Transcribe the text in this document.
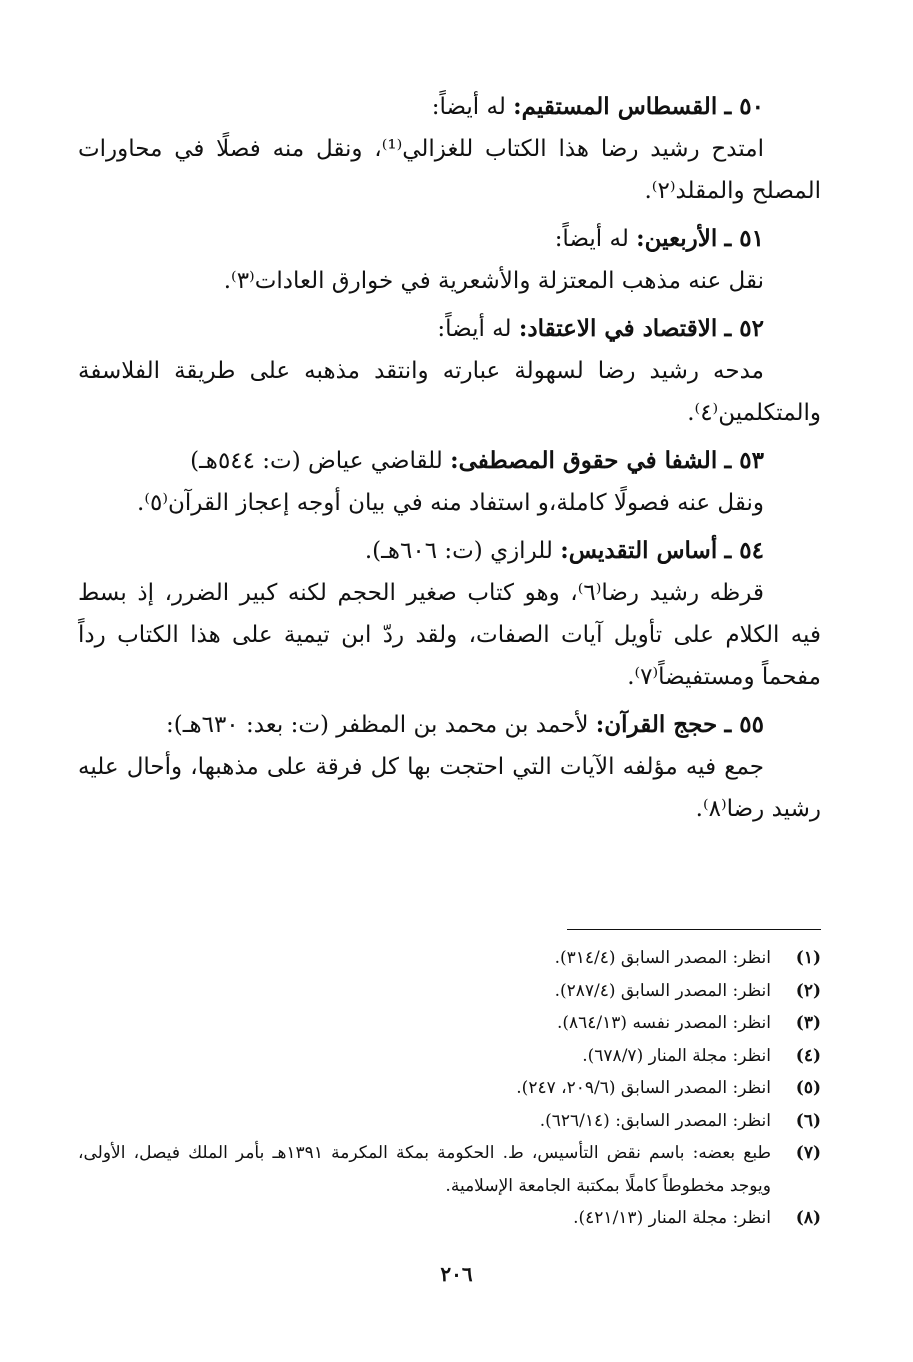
٥٠ ـ القسطاس المستقيم: له أيضاً:

امتدح رشيد رضا هذا الكتاب للغزالي⁽¹⁾، ونقل منه فصلًا في محاورات المصلح والمقلد⁽٢⁾.

٥١ ـ الأربعين: له أيضاً:

نقل عنه مذهب المعتزلة والأشعرية في خوارق العادات⁽٣⁾.

٥٢ ـ الاقتصاد في الاعتقاد: له أيضاً:

مدحه رشيد رضا لسهولة عبارته وانتقد مذهبه على طريقة الفلاسفة والمتكلمين⁽٤⁾.

٥٣ ـ الشفا في حقوق المصطفى: للقاضي عياض (ت: ٥٤٤هـ)

ونقل عنه فصولًا كاملة،و استفاد منه في بيان أوجه إعجاز القرآن⁽٥⁾.

٥٤ ـ أساس التقديس: للرازي (ت: ٦٠٦هـ).

قرظه رشيد رضا⁽٦⁾، وهو كتاب صغير الحجم لكنه كبير الضرر، إذ بسط فيه الكلام على تأويل آيات الصفات، ولقد ردّ ابن تيمية على هذا الكتاب رداً مفحماً ومستفيضاً⁽٧⁾.

٥٥ ـ حجج القرآن: لأحمد بن محمد بن المظفر (ت: بعد: ٦٣٠هـ):

جمع فيه مؤلفه الآيات التي احتجت بها كل فرقة على مذهبها، وأحال عليه رشيد رضا⁽٨⁾.

(١)
انظر: المصدر السابق (٣١٤/٤).
(٢)
انظر: المصدر السابق (٢٨٧/٤).
(٣)
انظر: المصدر نفسه (٨٦٤/١٣).
(٤)
انظر: مجلة المنار (٦٧٨/٧).
(٥)
انظر: المصدر السابق (٢٠٩/٦، ٢٤٧).
(٦)
انظر: المصدر السابق: (٦٢٦/١٤).
(٧)
طبع بعضه: باسم نقض التأسيس، ط. الحكومة بمكة المكرمة ١٣٩١هـ بأمر الملك فيصل، الأولى، ويوجد مخطوطاً كاملًا بمكتبة الجامعة الإسلامية.
(٨)
انظر: مجلة المنار (٤٢١/١٣).
٢٠٦
